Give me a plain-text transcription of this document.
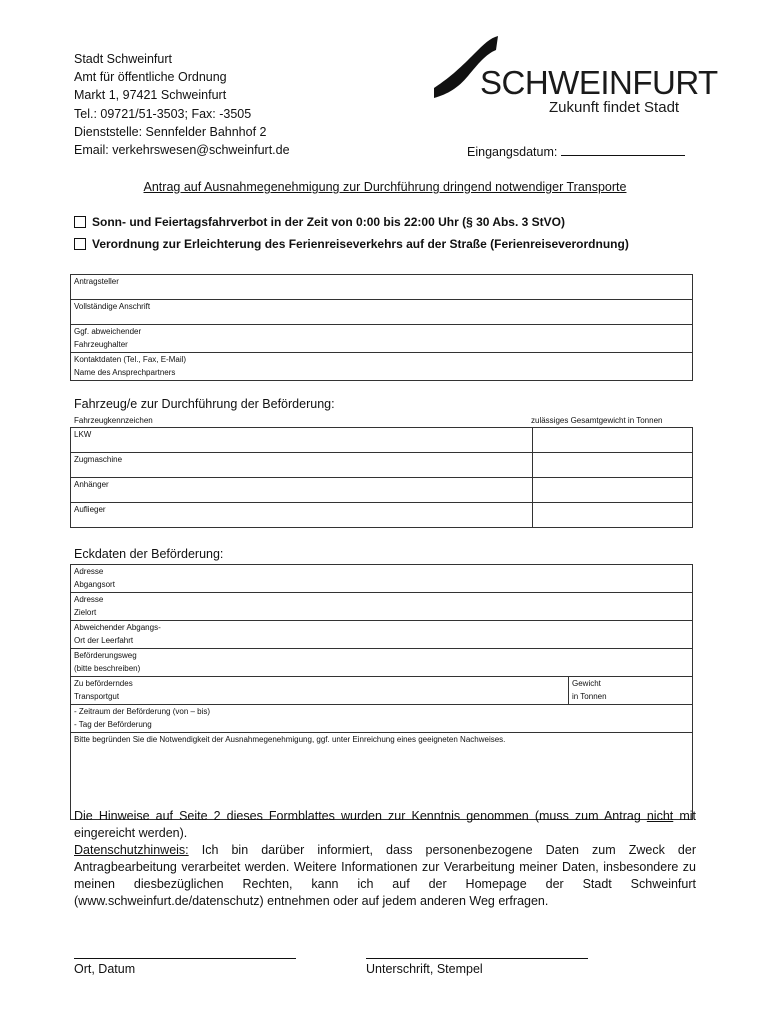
Stadt Schweinfurt
Amt für öffentliche Ordnung
Markt 1, 97421 Schweinfurt
Tel.: 09721/51-3503; Fax: -3505
Dienststelle: Sennfelder Bahnhof 2
Email: verkehrswesen@schweinfurt.de
SCHWEINFURT
Zukunft findet Stadt
Eingangsdatum:
Antrag auf Ausnahmegenehmigung zur Durchführung dringend notwendiger Transporte
Sonn- und Feiertagsfahrverbot in der Zeit von 0:00 bis 22:00 Uhr (§ 30 Abs. 3 StVO)
Verordnung zur Erleichterung des Ferienreiseverkehrs auf der Straße (Ferienreiseverordnung)
Antragsteller
Vollständige Anschrift

Ggf. abweichender
Fahrzeughalter

Kontaktdaten (Tel., Fax, E-Mail)
Name des Ansprechpartners
Fahrzeug/e zur Durchführung der Beförderung:
Fahrzeugkennzeichen	zulässiges Gesamtgewicht in Tonnen
LKW	
Zugmaschine	
Anhänger	
Auflieger	
Eckdaten der Beförderung:
Adresse
Abgangsort

Adresse
Zielort

Abweichender Abgangs-
Ort der Leerfahrt

Beförderungsweg
(bitte beschreiben)

Zu beförderndes
Transportgut

Gewicht
in Tonnen

- Zeitraum der Beförderung (von – bis)
- Tag der Beförderung

Bitte begründen Sie die Notwendigkeit der Ausnahmegenehmigung, ggf. unter Einreichung eines geeigneten Nachweises.
Die Hinweise auf Seite 2 dieses Formblattes wurden zur Kenntnis genommen (muss zum Antrag nicht mit eingereicht werden).
Datenschutzhinweis: Ich bin darüber informiert, dass personenbezogene Daten zum Zweck der Antragbearbeitung verarbeitet werden. Weitere Informationen zur Verarbeitung meiner Daten, insbesondere zu meinen diesbezüglichen Rechten, kann ich auf der Homepage der Stadt Schweinfurt (www.schweinfurt.de/datenschutz) entnehmen oder auf jedem anderen Weg erfragen.
Ort, Datum	Unterschrift, Stempel
